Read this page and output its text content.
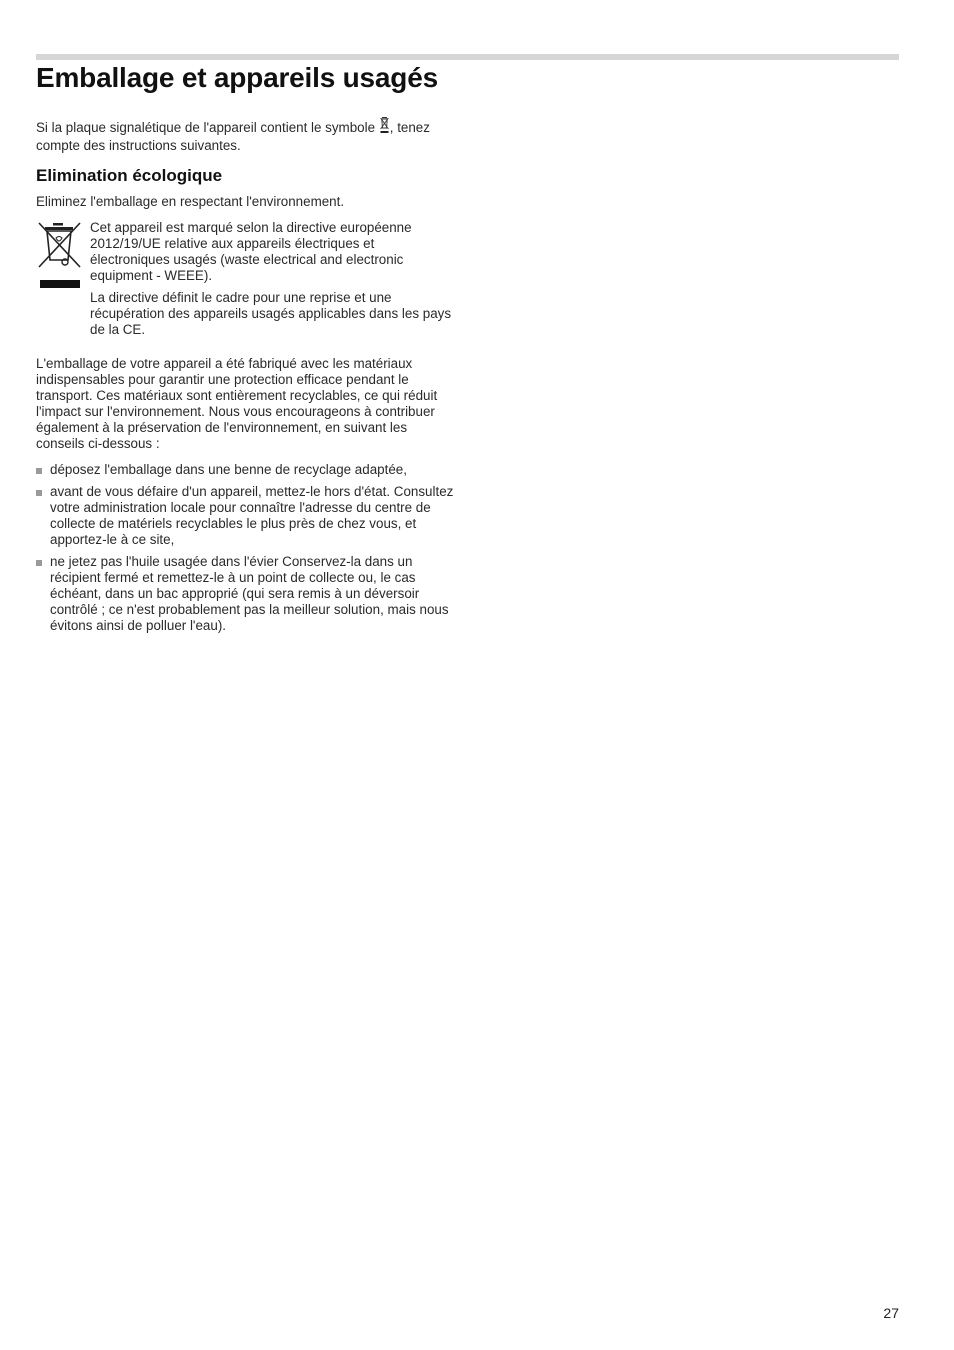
Emballage et appareils usagés

Si la plaque signalétique de l'appareil contient le symbole , tenez compte des instructions suivantes.

Elimination écologique

Eliminez l'emballage en respectant l'environnement.

Cet appareil est marqué selon la directive européenne 2012/19/UE relative aux appareils électriques et électroniques usagés (waste electrical and electronic equipment - WEEE).

La directive définit le cadre pour une reprise et une récupération des appareils usagés applicables dans les pays de la CE.

L'emballage de votre appareil a été fabriqué avec les matériaux indispensables pour garantir une protection efficace pendant le transport. Ces matériaux sont entièrement recyclables, ce qui réduit l'impact sur l'environnement. Nous vous encourageons à contribuer également à la préservation de l'environnement, en suivant les conseils ci-dessous :

déposez l'emballage dans une benne de recyclage adaptée,
avant de vous défaire d'un appareil, mettez-le hors d'état. Consultez votre administration locale pour connaître l'adresse du centre de collecte de matériels recyclables le plus près de chez vous, et apportez-le à ce site,
ne jetez pas l'huile usagée dans l'évier Conservez-la dans un récipient fermé et remettez-le à un point de collecte ou, le cas échéant, dans un bac approprié (qui sera remis à un déversoir contrôlé ; ce n'est probablement pas la meilleur solution, mais nous évitons ainsi de polluer l'eau).
27
